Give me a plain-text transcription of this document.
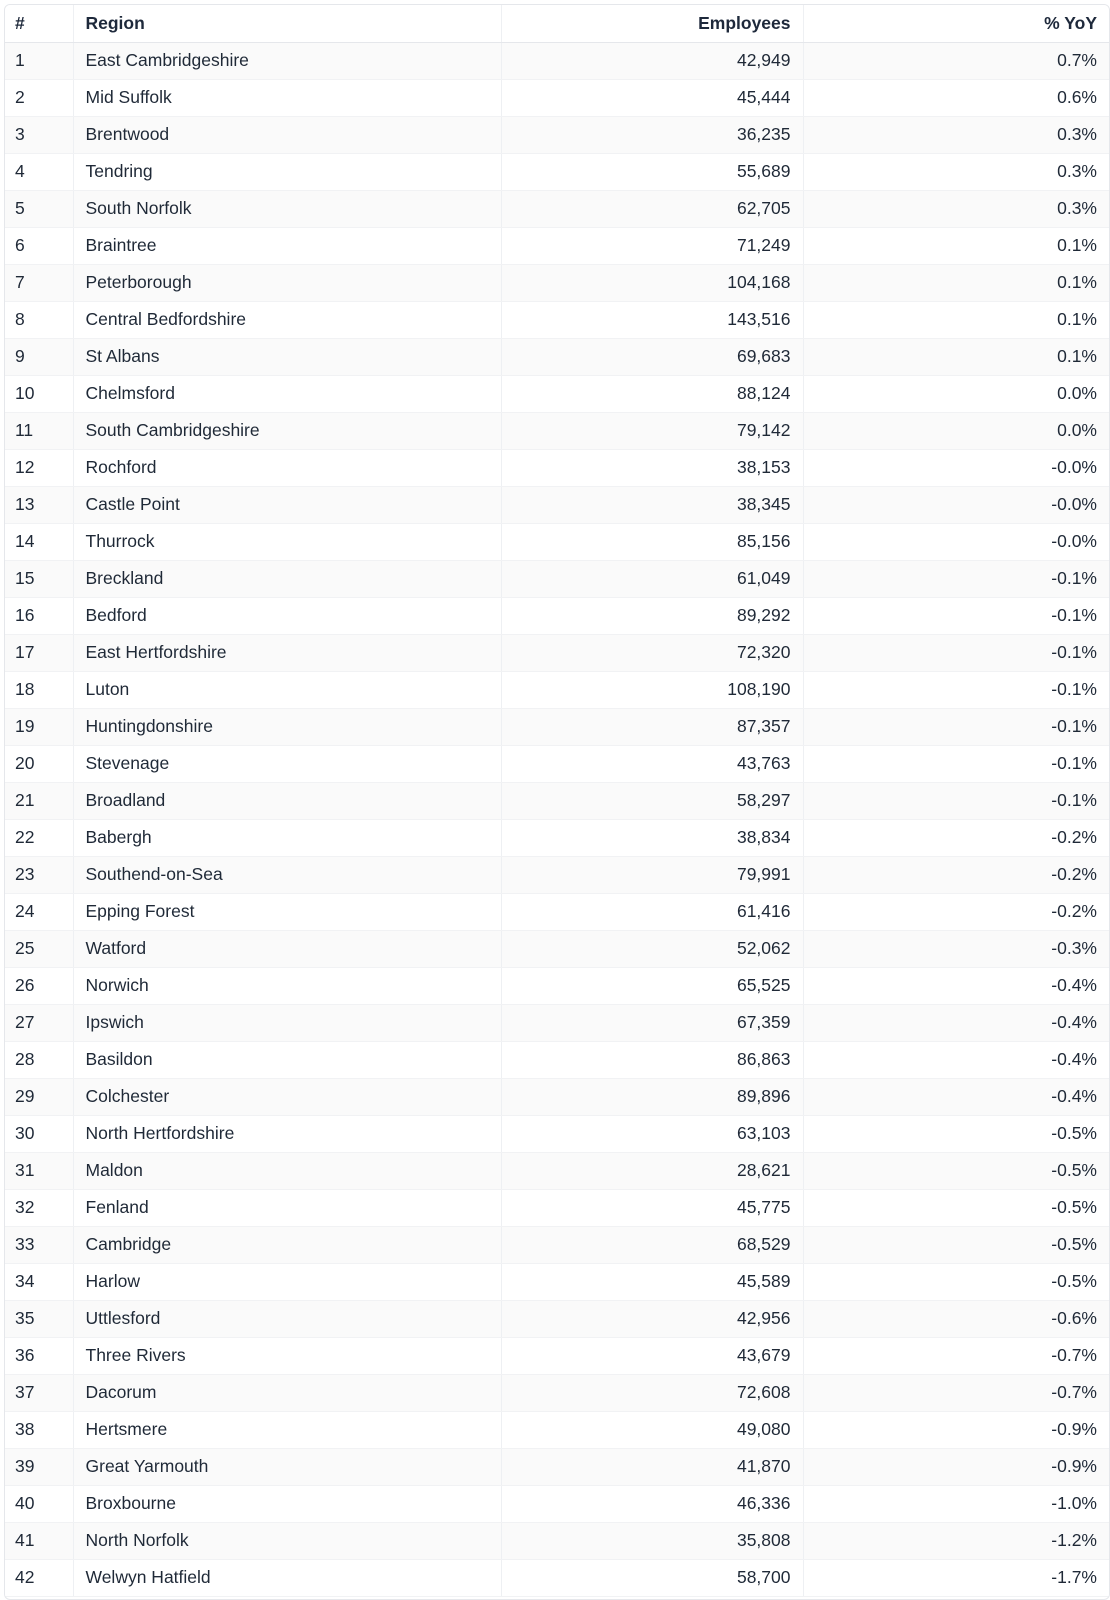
#	Region	Employees	% YoY
1	East Cambridgeshire	42,949	0.7%
2	Mid Suffolk	45,444	0.6%
3	Brentwood	36,235	0.3%
4	Tendring	55,689	0.3%
5	South Norfolk	62,705	0.3%
6	Braintree	71,249	0.1%
7	Peterborough	104,168	0.1%
8	Central Bedfordshire	143,516	0.1%
9	St Albans	69,683	0.1%
10	Chelmsford	88,124	0.0%
11	South Cambridgeshire	79,142	0.0%
12	Rochford	38,153	-0.0%
13	Castle Point	38,345	-0.0%
14	Thurrock	85,156	-0.0%
15	Breckland	61,049	-0.1%
16	Bedford	89,292	-0.1%
17	East Hertfordshire	72,320	-0.1%
18	Luton	108,190	-0.1%
19	Huntingdonshire	87,357	-0.1%
20	Stevenage	43,763	-0.1%
21	Broadland	58,297	-0.1%
22	Babergh	38,834	-0.2%
23	Southend-on-Sea	79,991	-0.2%
24	Epping Forest	61,416	-0.2%
25	Watford	52,062	-0.3%
26	Norwich	65,525	-0.4%
27	Ipswich	67,359	-0.4%
28	Basildon	86,863	-0.4%
29	Colchester	89,896	-0.4%
30	North Hertfordshire	63,103	-0.5%
31	Maldon	28,621	-0.5%
32	Fenland	45,775	-0.5%
33	Cambridge	68,529	-0.5%
34	Harlow	45,589	-0.5%
35	Uttlesford	42,956	-0.6%
36	Three Rivers	43,679	-0.7%
37	Dacorum	72,608	-0.7%
38	Hertsmere	49,080	-0.9%
39	Great Yarmouth	41,870	-0.9%
40	Broxbourne	46,336	-1.0%
41	North Norfolk	35,808	-1.2%
42	Welwyn Hatfield	58,700	-1.7%
